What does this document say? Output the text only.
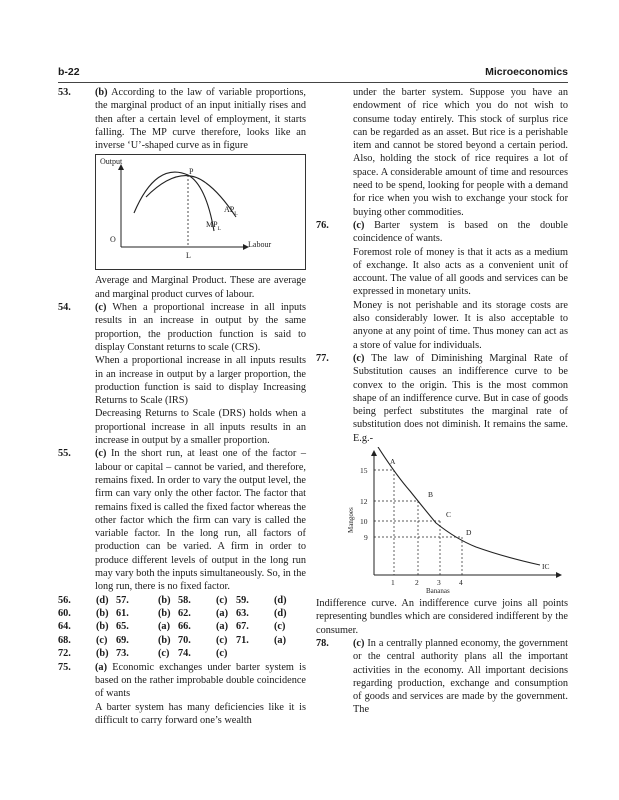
b-22	Microeconomics
53. (b) According to the law of variable proportions, the marginal product of an input initially rises and then after a certain level of employment, it starts falling. The MP curve therefore, looks like an inverse ‘U’-shaped curve as in figure
Output
P
$AP_L$
$MP_L$
O
L
Labour
Average and Marginal Product. These are average and marginal product curves of labour.
54. (c) When a proportional increase in all inputs results in an increase in output by the same proportion, the production function is said to display Constant returns to scale (CRS).
When a proportional increase in all inputs results in an increase in output by a larger proportion, the production function is said to display Increasing Returns to Scale (IRS)
Decreasing Returns to Scale (DRS) holds when a proportional increase in all inputs results in an increase in output by a smaller proportion.
55. (c) In the short run, at least one of the factor – labour or capital – cannot be varied, and therefore, remains fixed. In order to vary the output level, the firm can vary only the other factor. The factor that remains fixed is called the fixed factor whereas the other factor which the firm can vary is called the variable factor. In the long run, all factors of production can be varied. A firm in order to produce different levels of output in the long run may vary both the inputs simultaneously. So, in the long run, there is no fixed factor.
56.	(d) 57.	(b) 58.	(c) 59.	(d)
60.	(b) 61.	(b) 62.	(a) 63.	(d)
64.	(b) 65.	(a) 66.	(a) 67.	(c)
68.	(c) 69.	(b) 70.	(c) 71.	(a)
72.	(b) 73.	(c) 74.	(c)
75. (a) Economic exchanges under barter system is based on the rather improbable double coincidence of wants
A barter system has many deficiencies like it is difficult to carry forward one’s wealth
under the barter system. Suppose you have an endowment of rice which you do not wish to consume today entirely. This stock of surplus rice can be regarded as an asset. But rice is a perishable item and cannot be stored beyond a certain period. Also, holding the stock of rice requires a lot of space. A considerable amount of time and resources need to be spend, looking for people with a demand for rice when you wish to exchange your stock for buying other commodities.
76. (c) Barter system is based on the double coincidence of wants.
Foremost role of money is that it acts as a medium of exchange. It also acts as a convenient unit of account. The value of all goods and services can be expressed in monetary units.
Money is not perishable and its storage costs are also considerably lower. It is also acceptable to anyone at any point of time. Thus money can act as a store of value for individuals.
77. (c) The law of Diminishing Marginal Rate of Substitution causes an indifference curve to be convex to the origin. This is the most common shape of an indifference curve. But in case of goods being perfect substitutes the marginal rate of substitution does not diminish. It remains the same. E.g.-
A
B
C
D
15
12
10
9
1	2 3 4
Bananas
Mangoes
IC
Indifference curve. An indifference curve joins all points representing bundles which are considered indifferent by the consumer.
78. (c) In a centrally planned economy, the government or the central authority plans all the important activities in the economy. All important decisions regarding production, exchange and consumption of goods and services are made by the government. The
